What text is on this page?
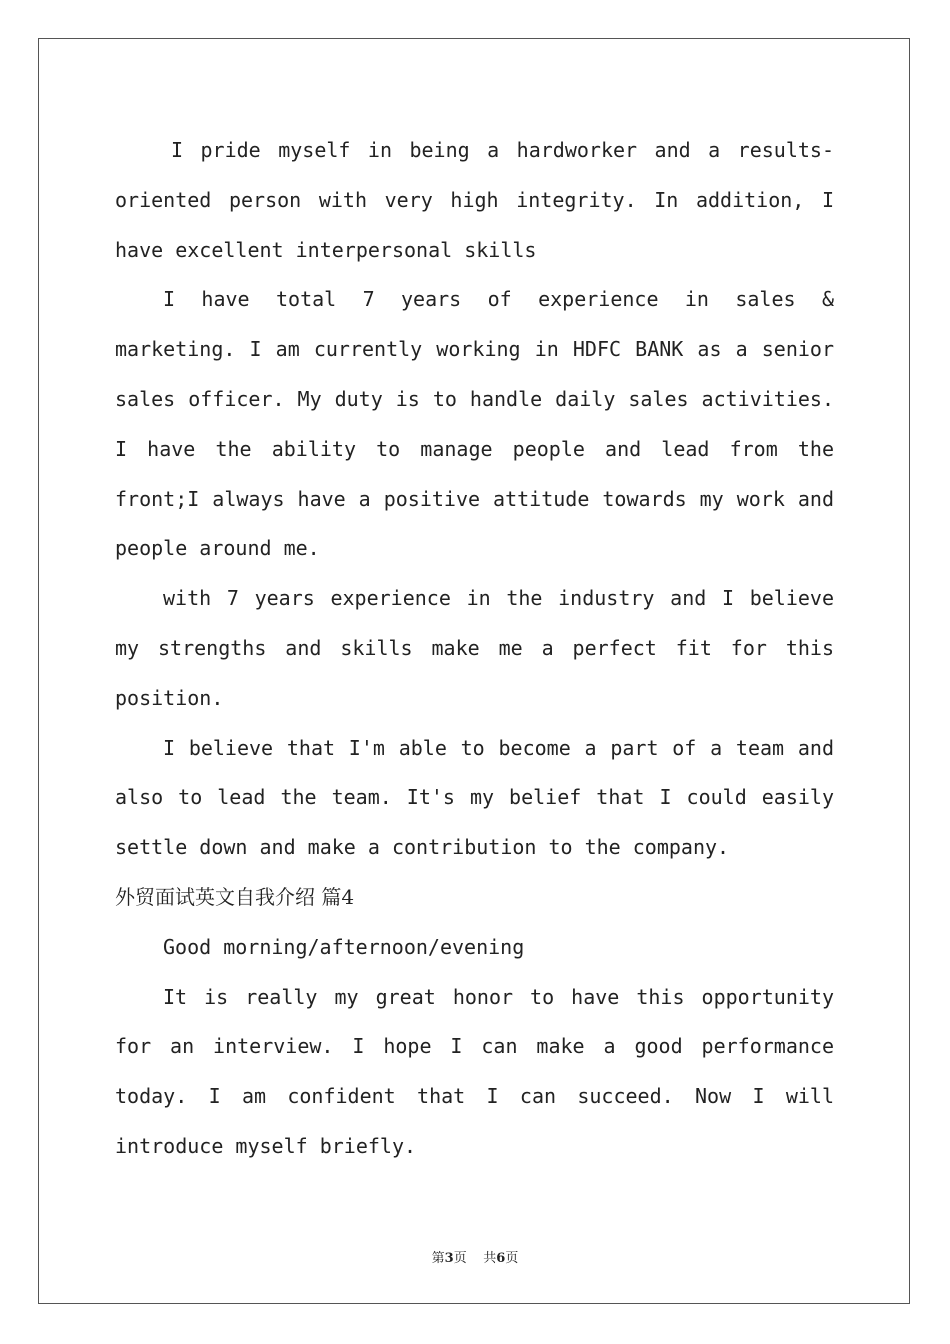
I pride myself in being a hardworker and a results-oriented person with very high integrity. In addition, I have excellent interpersonal skills

I have total 7 years of experience in sales & marketing. I am currently working in HDFC BANK as a senior sales officer. My duty is to handle daily sales activities. I have the ability to manage people and lead from the front;I always have a positive attitude towards my work and people around me.

with 7 years experience in the industry and I believe my strengths and skills make me a perfect fit for this position.

I believe that I'm able to become a part of a team and also to lead the team. It's my belief that I could easily settle down and make a contribution to the company.

外贸面试英文自我介绍 篇4

Good morning/afternoon/evening

It is really my great honor to have this opportunity for an interview. I hope I can make a good performance today. I am confident that I can succeed. Now I will introduce myself briefly.

第3页 共6页
